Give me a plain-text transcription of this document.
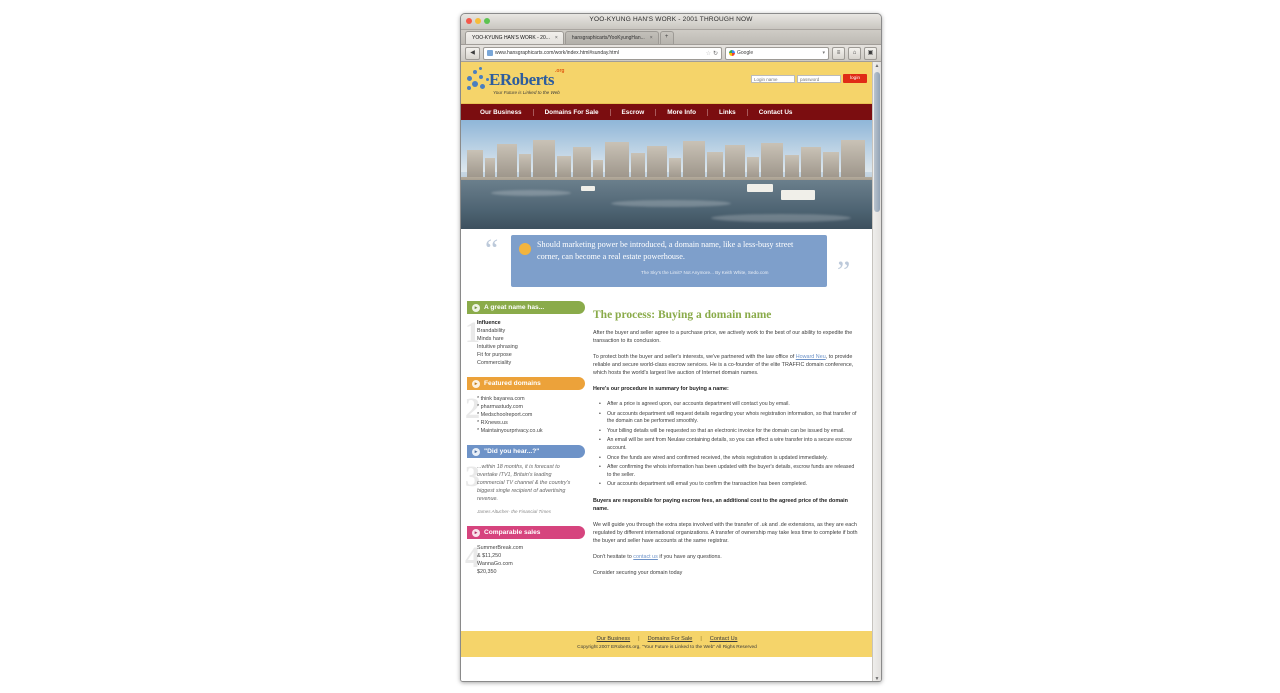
YOO-KYUNG HAN'S WORK - 2001 THROUGH NOW
YOO-KYUNG HAN'S WORK - 20... ×	hansgraphicarts/YooKyungHan... ×	+
◀	www.hansgraphicarts.com/work/index.html#sunday.html	☆ ↻	Google	▾	≡	⌂	▣
ERoberts .org
Your Future is Linked to the Web
Login name	password	login
Our Business	Domains For Sale	Escrow	More Info	Links	Contact Us
“	Should marketing power be introduced, a domain name, like a less-busy street corner, can become a real estate powerhouse.
The Sky's the Limit? Not Anymore... By Keith White, Sedo.com ”
▸	A great name has...
1
Influence
Brandability
Minds hare
Intuitive phrasing
Fit for purpose
Commerciality
▸	Featured domains
2
* think bayarea.com
* pharmastudy.com
* Medschoolreport.com
* RXnews.us
* Maintainyourprivacy.co.uk
▸	"Did you hear...?"
3
...within 18 months, it is forecast to overtake ITV1, Britain's leading commercial TV channel & the country's biggest single recipient of advertising revenue.
James Altucher- the Financial Times
▸	Comparable sales
4
SummerBreak.com
& $11,250
WannaGo.com
$20,350
The process: Buying a domain name

After the buyer and seller agree to a purchase price, we actively work to the best of our ability to expedite the transaction to its conclusion.

To protect both the buyer and seller's interests, we've partnered with the law office of Howard Neu, to provide reliable and secure world-class escrow services. He is a co-founder of the elite TRAFFIC domain conference, which hosts the world's largest live auction of Internet domain names.

Here's our procedure in summary for buying a name:

• After a price is agreed upon, our accounts department will contact you by email.
• Our accounts department will request details regarding your whois registration information, so that transfer of the domain can be performed smoothly.
• Your billing details will be requested so that an electronic invoice for the domain can be issued by email.
• An email will be sent from Neulaw containing details, so you can effect a wire transfer into a secure escrow account.
• Once the funds are wired and confirmed received, the whois registration is updated immediately.
• After confirming the whois information has been updated with the buyer's details, escrow funds are released to the seller.
• Our accounts department will email you to confirm the transaction has been completed.

Buyers are responsible for paying escrow fees, an additional cost to the agreed price of the domain name.

We will guide you through the extra steps involved with the transfer of .uk and .de extensions, as they are each regulated by different international organizations. A transfer of ownership may take less time to complete if both the buyer and seller have accounts at the same registrar.

Don't hesitate to contact us if you have any questions.

Consider securing your domain today

Our Business | Domains For Sale | Contact Us
Copyright 2007 ERoberts.org, "Your Future is Linked to the Web" All Righs Reserved
▲
▼
